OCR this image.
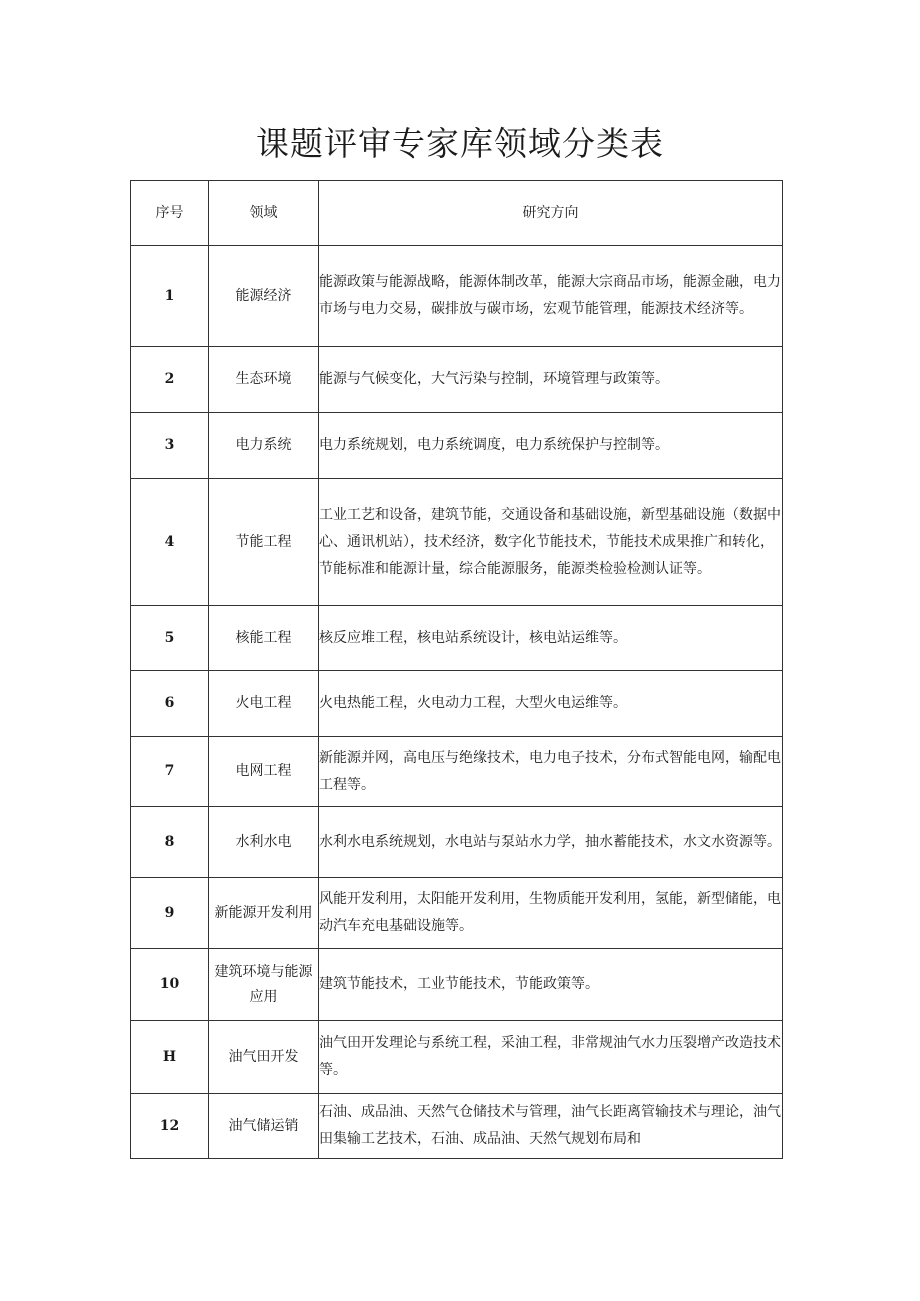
课题评审专家库领域分类表
序号	领域	研究方向
1	能源经济	能源政策与能源战略，能源体制改革，能源大宗商品市场，能源金融，电力市场与电力交易，碳排放与碳市场，宏观节能管理，能源技术经济等。
2	生态环境	能源与气候变化，大气污染与控制，环境管理与政策等。
3	电力系统	电力系统规划，电力系统调度，电力系统保护与控制等。
4	节能工程	工业工艺和设备，建筑节能，交通设备和基础设施，新型基础设施（数据中心、通讯机站），技术经济，数字化节能技术，节能技术成果推广和转化，节能标准和能源计量，综合能源服务，能源类检验检测认证等。
5	核能工程	核反应堆工程，核电站系统设计，核电站运维等。
6	火电工程	火电热能工程，火电动力工程，大型火电运维等。
7	电网工程	新能源并网，高电压与绝缘技术，电力电子技术，分布式智能电网，输配电工程等。
8	水利水电	水利水电系统规划，水电站与泵站水力学，抽水蓄能技术，水文水资源等。
9	新能源开发利用	风能开发利用，太阳能开发利用，生物质能开发利用，氢能，新型储能，电动汽车充电基础设施等。
10	建筑环境与能源应用	建筑节能技术，工业节能技术，节能政策等。
H	油气田开发	油气田开发理论与系统工程，采油工程，非常规油气水力压裂增产改造技术等。
12	油气储运销	石油、成品油、天然气仓储技术与管理，油气长距离管输技术与理论，油气田集输工艺技术，石油、成品油、天然气规划布局和
